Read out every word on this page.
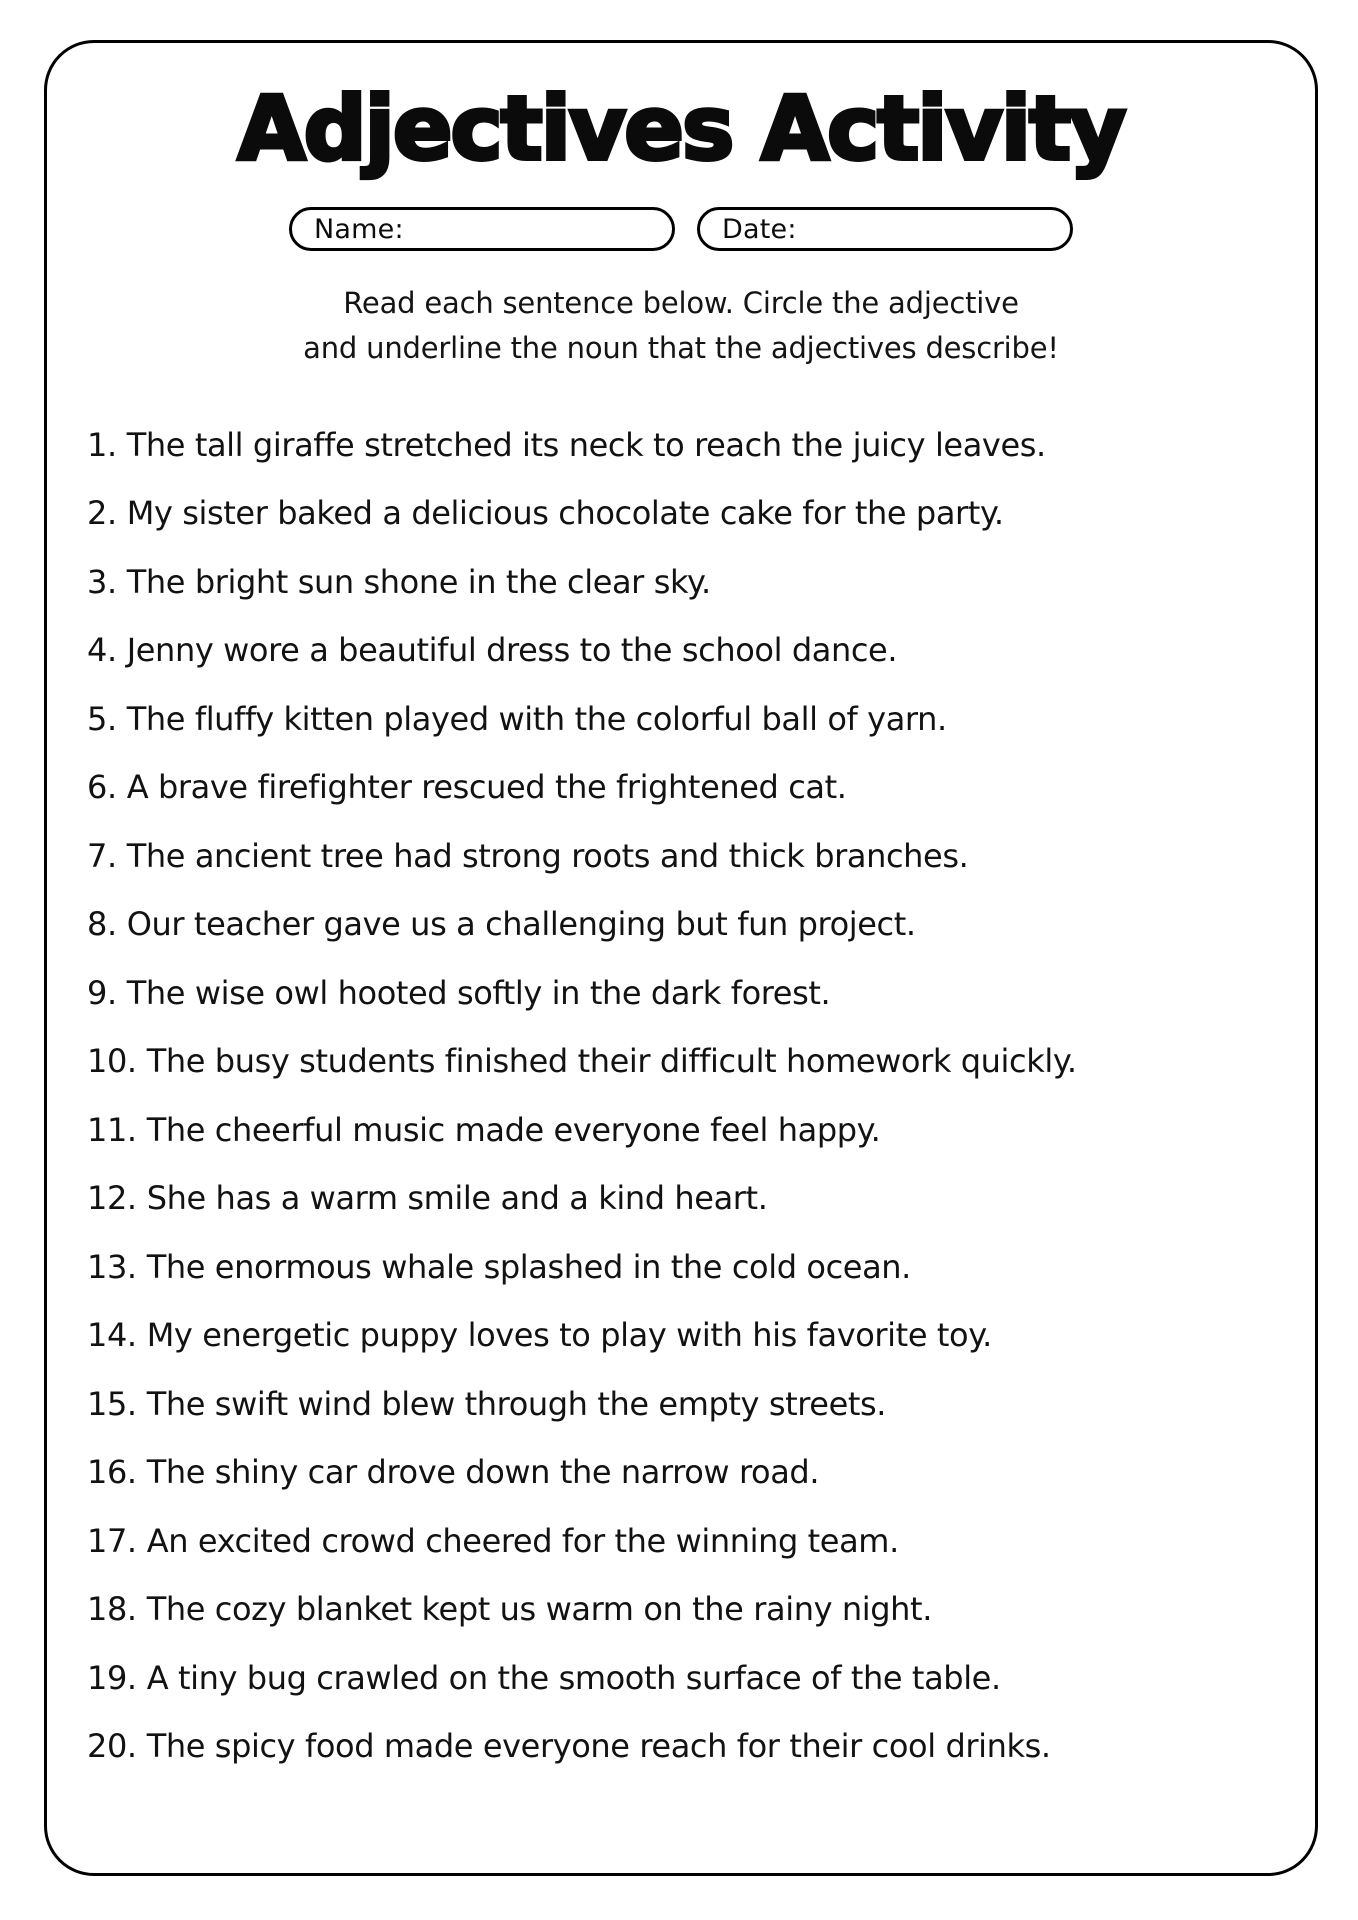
Adjectives Activity
Name:	Date:
Read each sentence below. Circle the adjective
and underline the noun that the adjectives describe!
1. The tall giraffe stretched its neck to reach the juicy leaves.
2. My sister baked a delicious chocolate cake for the party.
3. The bright sun shone in the clear sky.
4. Jenny wore a beautiful dress to the school dance.
5. The fluffy kitten played with the colorful ball of yarn.
6. A brave firefighter rescued the frightened cat.
7. The ancient tree had strong roots and thick branches.
8. Our teacher gave us a challenging but fun project.
9. The wise owl hooted softly in the dark forest.
10. The busy students finished their difficult homework quickly.
11. The cheerful music made everyone feel happy.
12. She has a warm smile and a kind heart.
13. The enormous whale splashed in the cold ocean.
14. My energetic puppy loves to play with his favorite toy.
15. The swift wind blew through the empty streets.
16. The shiny car drove down the narrow road.
17. An excited crowd cheered for the winning team.
18. The cozy blanket kept us warm on the rainy night.
19. A tiny bug crawled on the smooth surface of the table.
20. The spicy food made everyone reach for their cool drinks.
